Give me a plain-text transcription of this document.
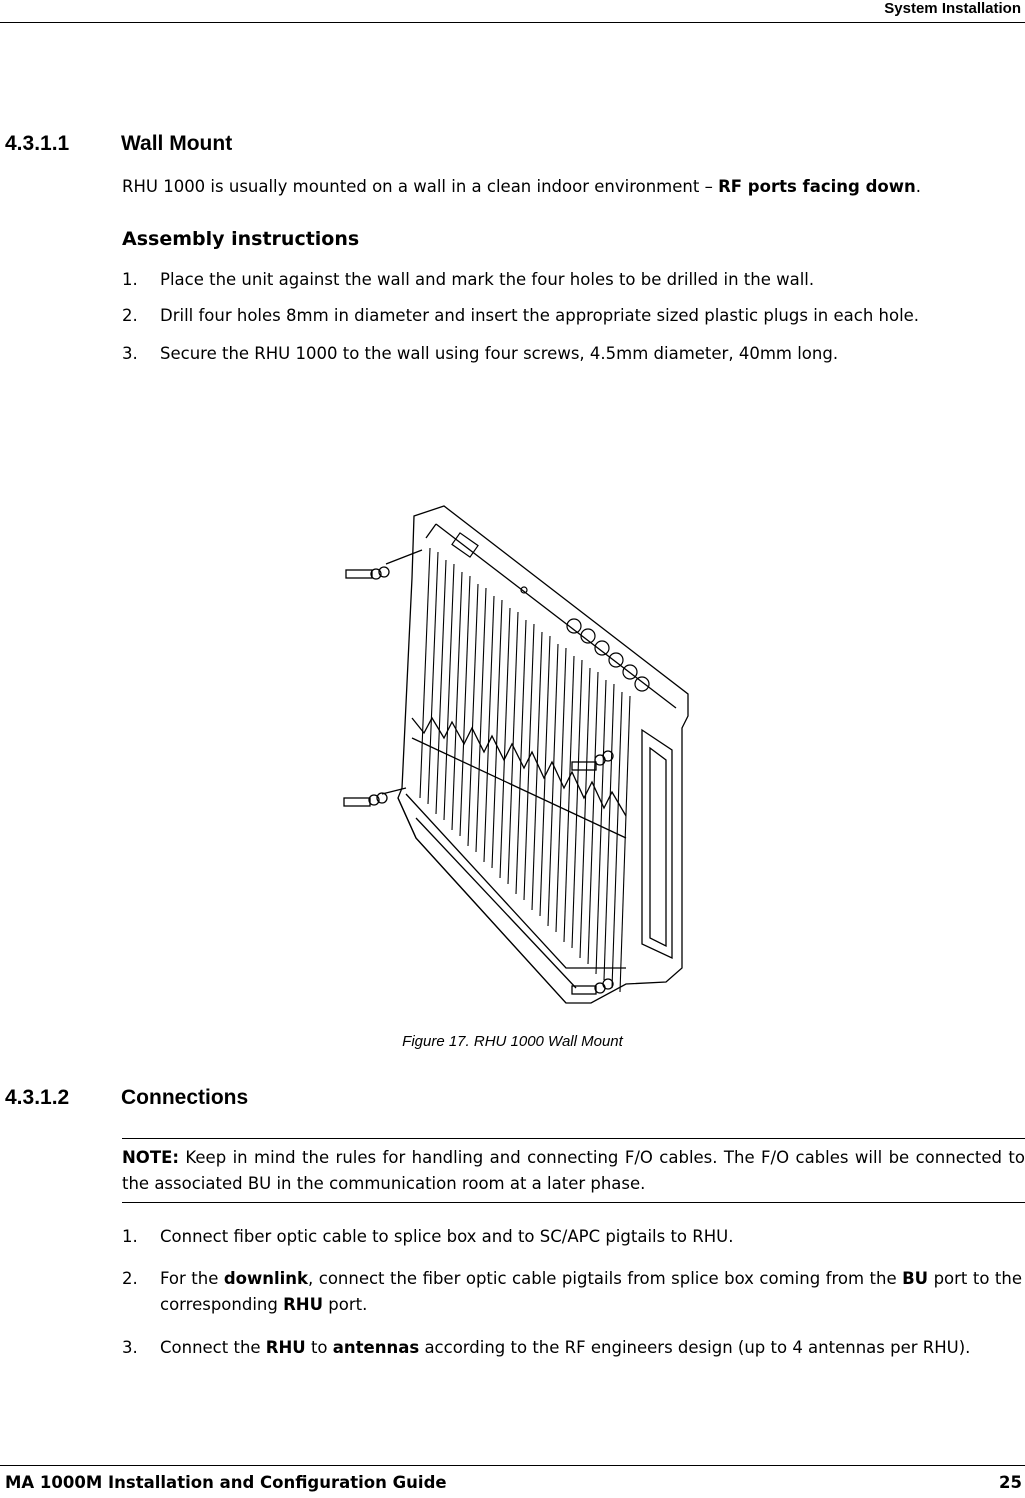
System Installation
4.3.1.1 Wall Mount
RHU 1000 is usually mounted on a wall in a clean indoor environment – RF ports facing down.
Assembly instructions
1. Place the unit against the wall and mark the four holes to be drilled in the wall.
2. Drill four holes 8mm in diameter and insert the appropriate sized plastic plugs in each hole.
3. Secure the RHU 1000 to the wall using four screws, 4.5mm diameter, 40mm long.
Figure 17. RHU 1000 Wall Mount
4.3.1.2 Connections
NOTE: Keep in mind the rules for handling and connecting F/O cables. The F/O cables will be connected to the associated BU in the communication room at a later phase.
1. Connect fiber optic cable to splice box and to SC/APC pigtails to RHU.
2. For the downlink, connect the fiber optic cable pigtails from splice box coming from the BU port to the corresponding RHU port.
3. Connect the RHU to antennas according to the RF engineers design (up to 4 antennas per RHU).
MA 1000M Installation and Configuration Guide	25
